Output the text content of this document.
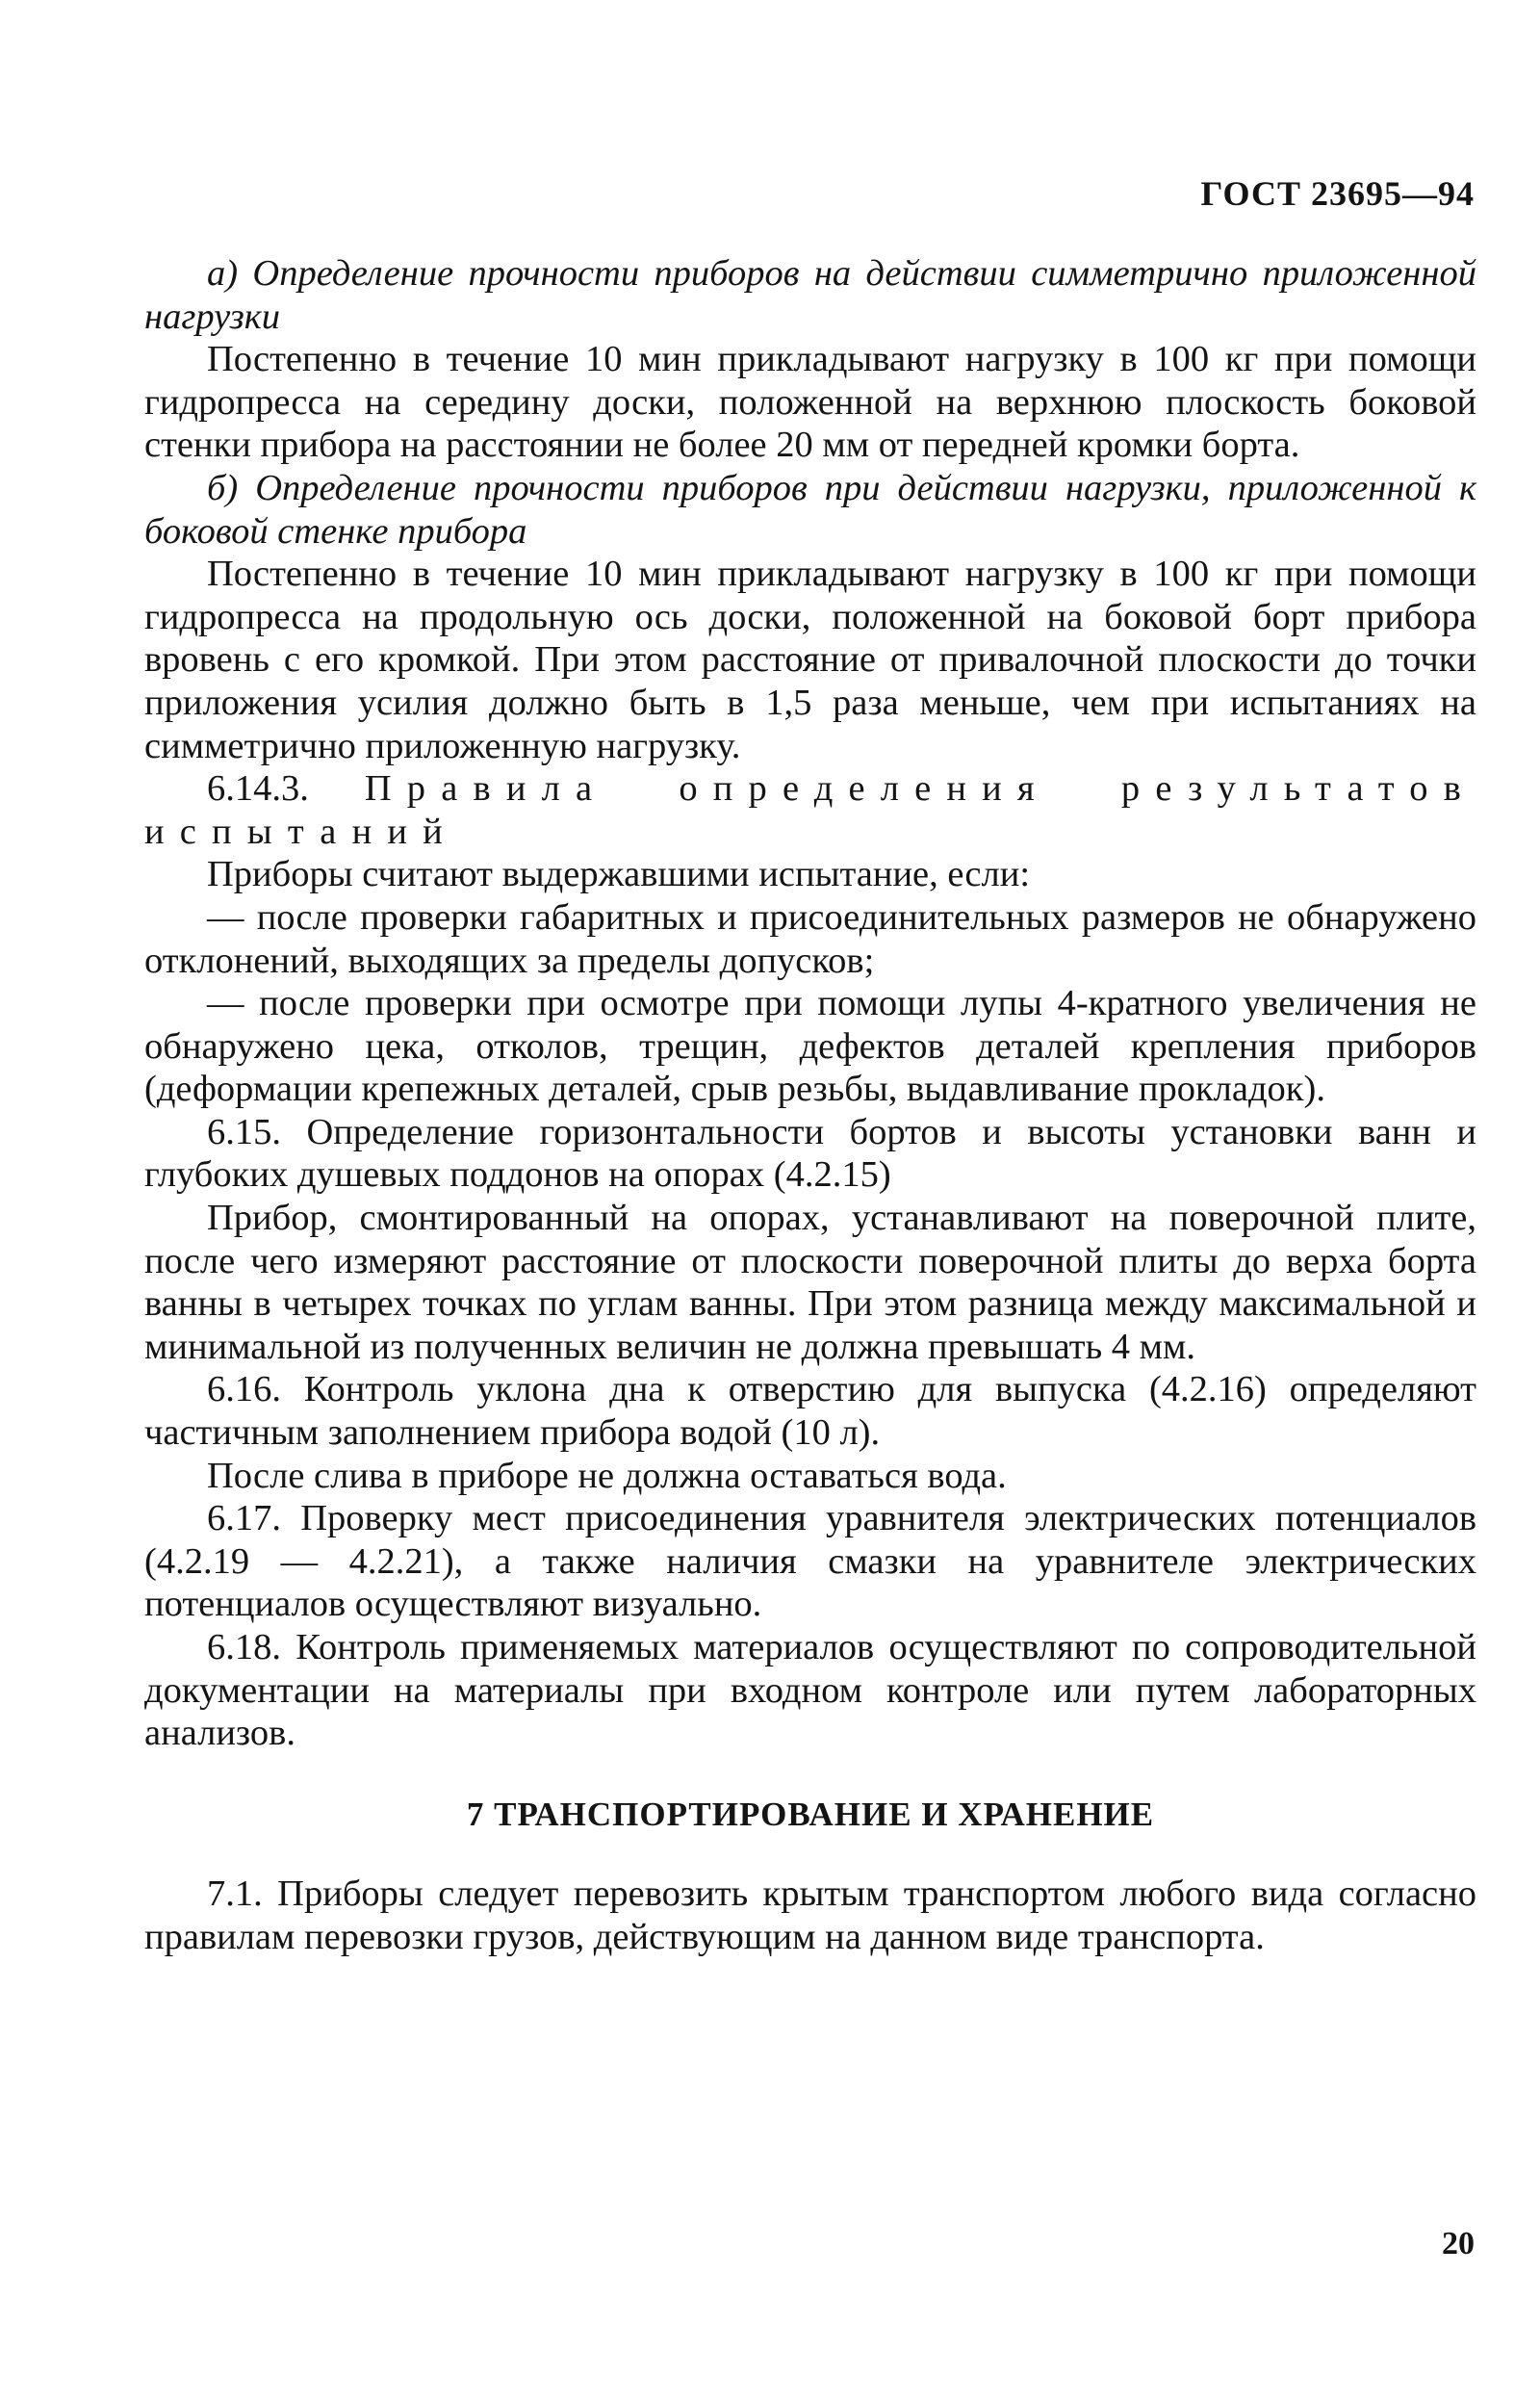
ГОСТ 23695—94

а) Определение прочности приборов на действии симметрично приложенной нагрузки

Постепенно в течение 10 мин прикладывают нагрузку в 100 кг при помощи гидропресса на середину доски, положенной на верхнюю плоскость боковой стенки прибора на расстоянии не более 20 мм от передней кромки борта.

б) Определение прочности приборов при действии нагрузки, приложенной к боковой стенке прибора

Постепенно в течение 10 мин прикладывают нагрузку в 100 кг при помощи гидропресса на продольную ось доски, положенной на боковой борт прибора вровень с его кромкой. При этом расстояние от привалочной плоскости до точки приложения усилия должно быть в 1,5 раза меньше, чем при испытаниях на симметрично приложенную нагрузку.

6.14.3. Правила определения результатов испытаний

Приборы считают выдержавшими испытание, если:

— после проверки габаритных и присоединительных размеров не обнаружено отклонений, выходящих за пределы допусков;

— после проверки при осмотре при помощи лупы 4-кратного увеличения не обнаружено цека, отколов, трещин, дефектов деталей крепления приборов (деформации крепежных деталей, срыв резьбы, выдавливание прокладок).

6.15. Определение горизонтальности бортов и высоты установки ванн и глубоких душевых поддонов на опорах (4.2.15)

Прибор, смонтированный на опорах, устанавливают на поверочной плите, после чего измеряют расстояние от плоскости поверочной плиты до верха борта ванны в четырех точках по углам ванны. При этом разница между максимальной и минимальной из полученных величин не должна превышать 4 мм.

6.16. Контроль уклона дна к отверстию для выпуска (4.2.16) определяют частичным заполнением прибора водой (10 л).

После слива в приборе не должна оставаться вода.

6.17. Проверку мест присоединения уравнителя электрических потенциалов (4.2.19 — 4.2.21), а также наличия смазки на уравнителе электрических потенциалов осуществляют визуально.

6.18. Контроль применяемых материалов осуществляют по сопроводительной документации на материалы при входном контроле или путем лабораторных анализов.

7 ТРАНСПОРТИРОВАНИЕ И ХРАНЕНИЕ

7.1. Приборы следует перевозить крытым транспортом любого вида согласно правилам перевозки грузов, действующим на данном виде транспорта.

20
